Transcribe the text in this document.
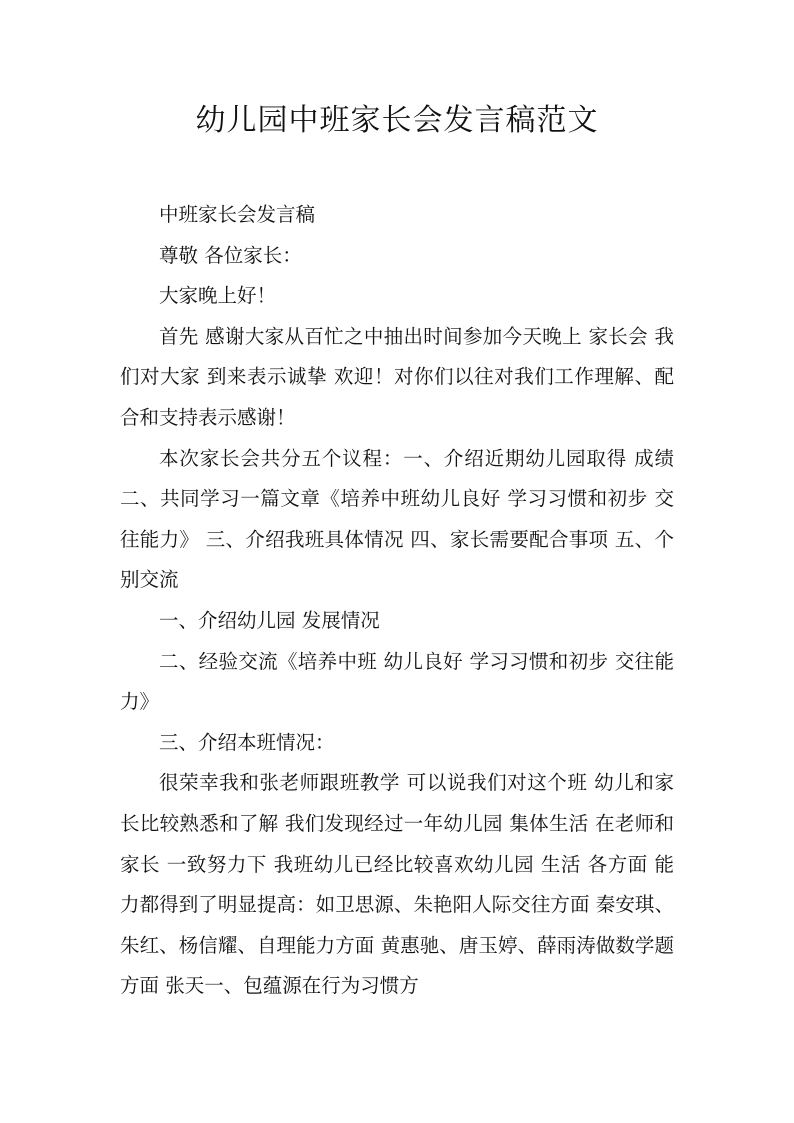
幼儿园中班家长会发言稿范文

中班家长会发言稿

尊敬 各位家长：

大家晚上好！

首先 感谢大家从百忙之中抽出时间参加今天晚上 家长会 我们对大家 到来表示诚挚 欢迎！对你们以往对我们工作理解、配合和支持表示感谢！

本次家长会共分五个议程：一、介绍近期幼儿园取得 成绩 二、共同学习一篇文章《培养中班幼儿良好 学习习惯和初步 交往能力》 三、介绍我班具体情况 四、家长需要配合事项 五、个别交流

一、介绍幼儿园 发展情况

二、经验交流《培养中班 幼儿良好 学习习惯和初步 交往能力》

三、介绍本班情况：

很荣幸我和张老师跟班教学 可以说我们对这个班 幼儿和家长比较熟悉和了解 我们发现经过一年幼儿园 集体生活 在老师和家长 一致努力下 我班幼儿已经比较喜欢幼儿园 生活 各方面 能力都得到了明显提高：如卫思源、朱艳阳人际交往方面 秦安琪、朱红、杨信耀、自理能力方面 黄惠驰、唐玉婷、薛雨涛做数学题方面 张天一、包蕴源在行为习惯方
